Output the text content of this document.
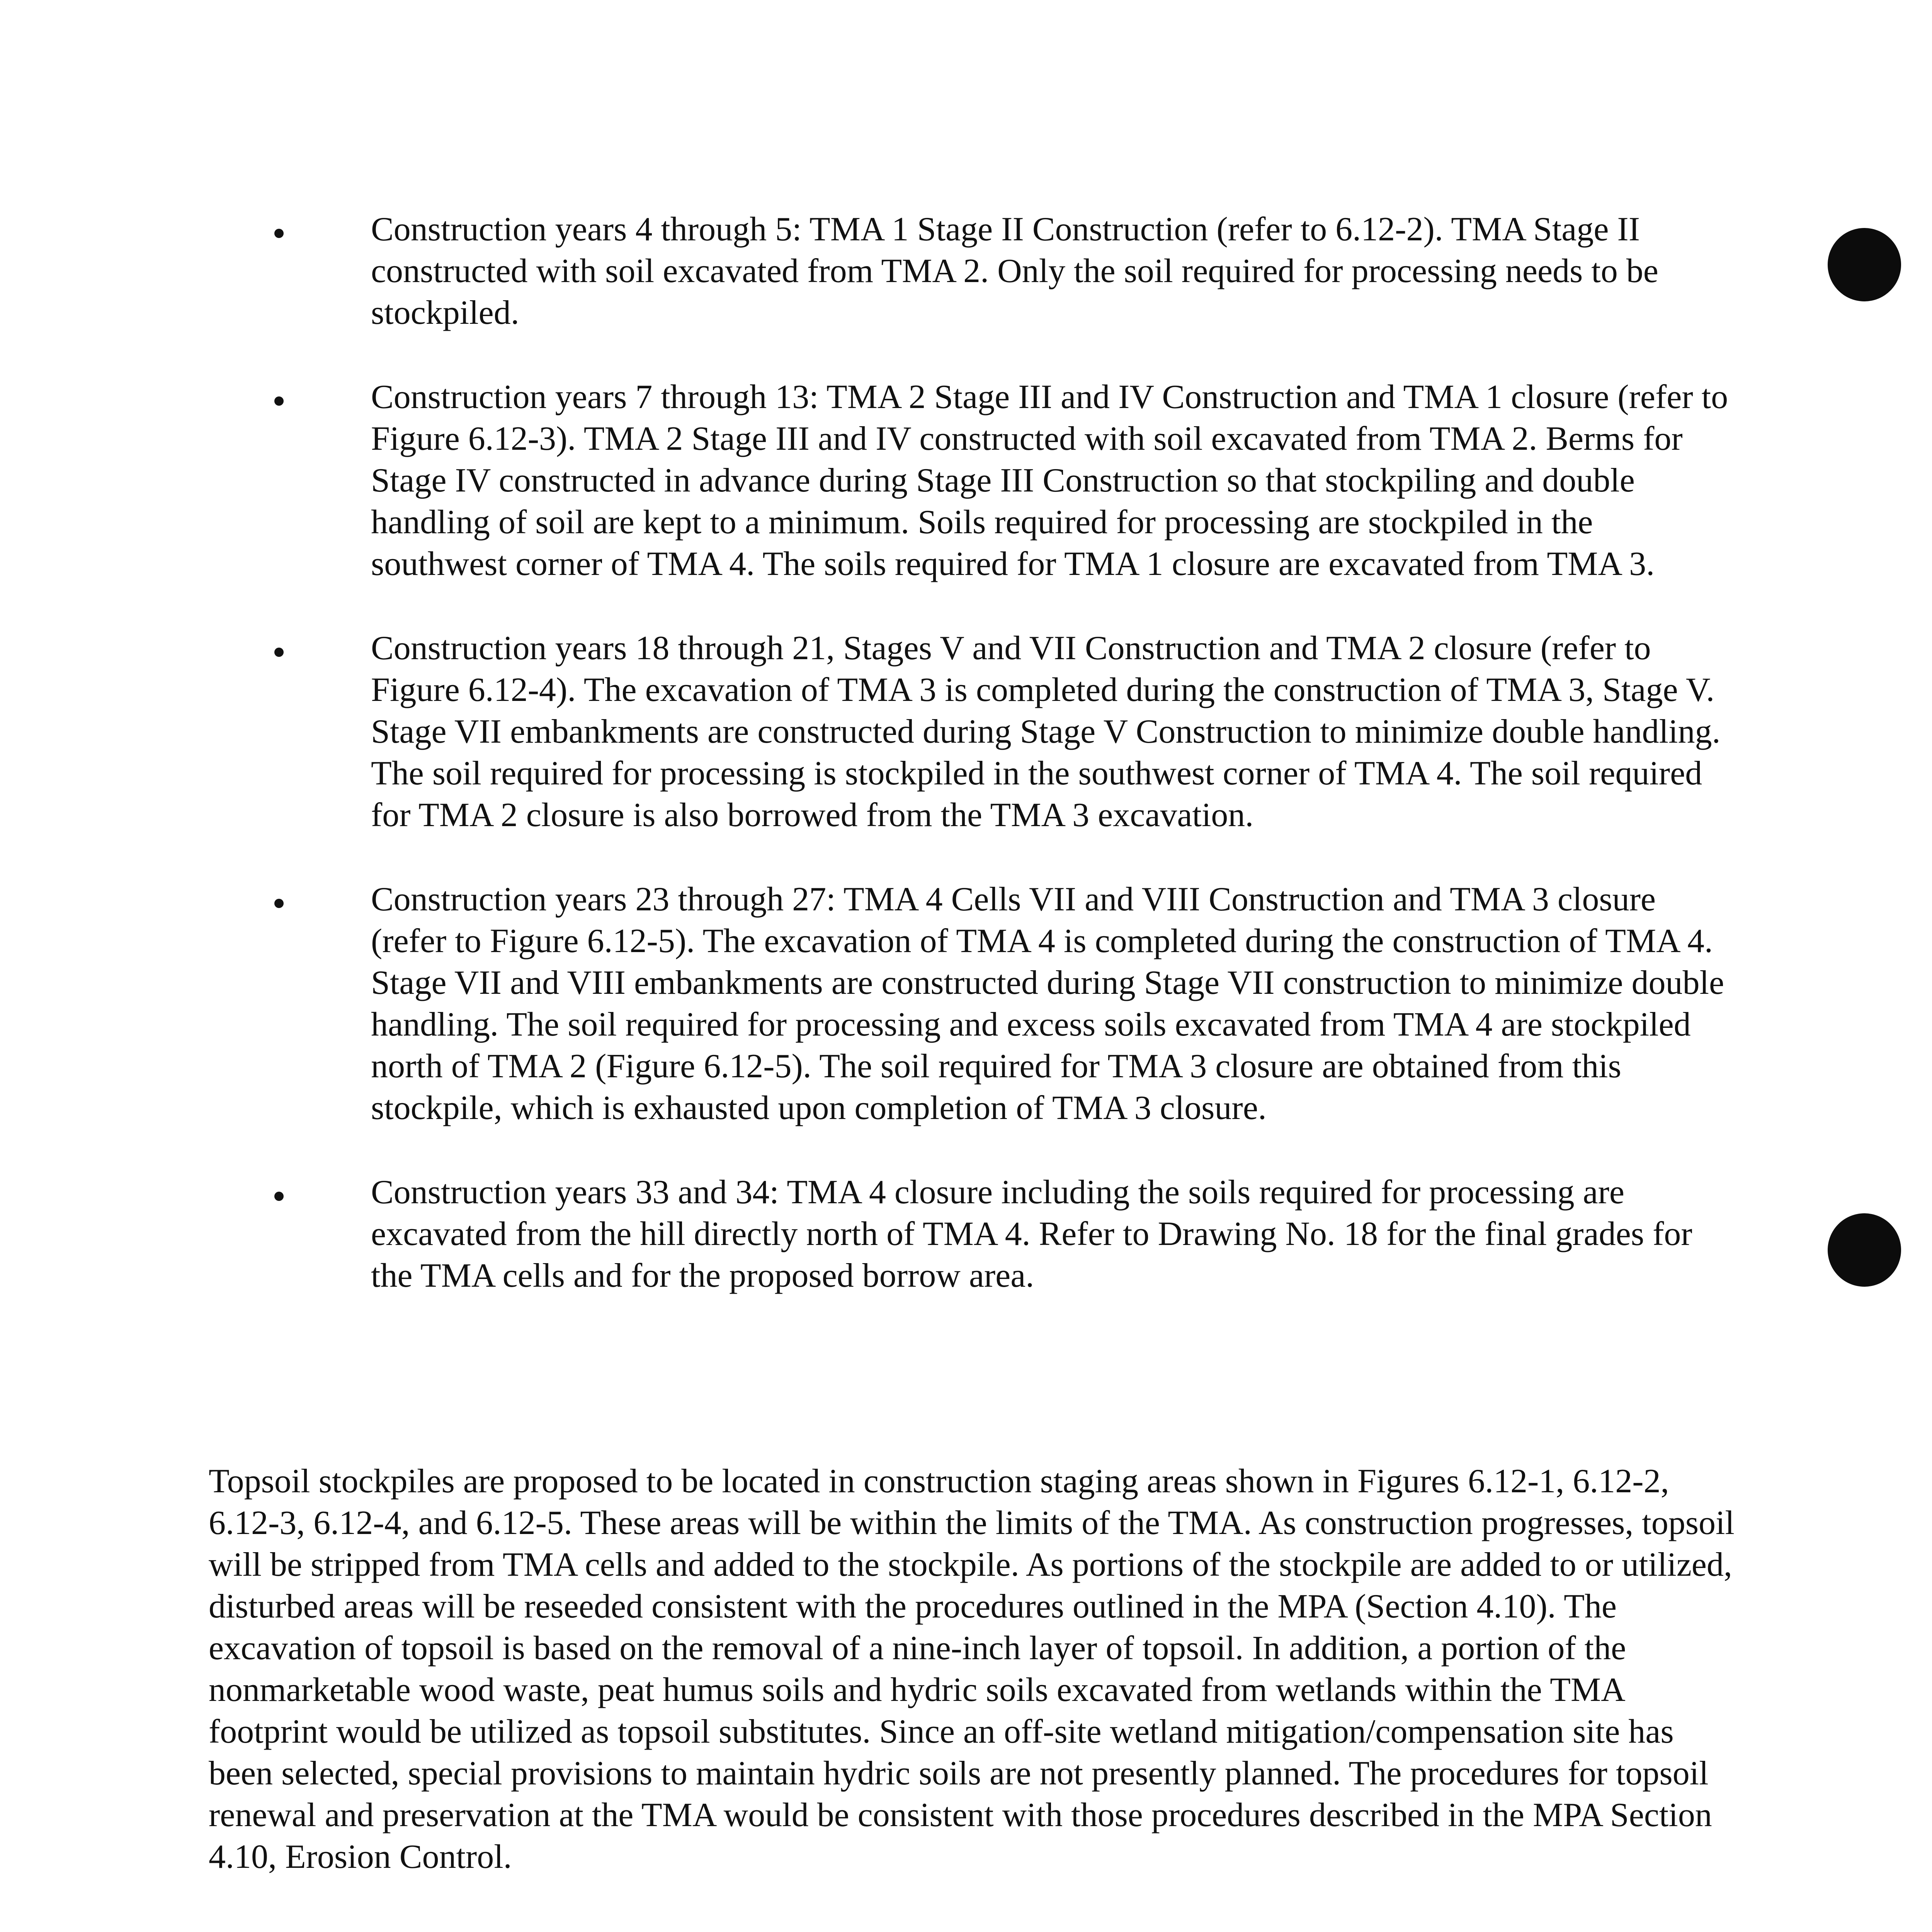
Construction years 4 through 5: TMA 1 Stage II Construction (refer to 6.12-2). TMA Stage II constructed with soil excavated from TMA 2. Only the soil required for processing needs to be stockpiled.
Construction years 7 through 13: TMA 2 Stage III and IV Construction and TMA 1 closure (refer to Figure 6.12-3). TMA 2 Stage III and IV constructed with soil excavated from TMA 2. Berms for Stage IV constructed in advance during Stage III Construction so that stockpiling and double handling of soil are kept to a minimum. Soils required for processing are stockpiled in the southwest corner of TMA 4. The soils required for TMA 1 closure are excavated from TMA 3.
Construction years 18 through 21, Stages V and VII Construction and TMA 2 closure (refer to Figure 6.12-4). The excavation of TMA 3 is completed during the construction of TMA 3, Stage V. Stage VII embankments are constructed during Stage V Construction to minimize double handling. The soil required for processing is stockpiled in the southwest corner of TMA 4. The soil required for TMA 2 closure is also borrowed from the TMA 3 excavation.
Construction years 23 through 27: TMA 4 Cells VII and VIII Construction and TMA 3 closure (refer to Figure 6.12-5). The excavation of TMA 4 is completed during the construction of TMA 4. Stage VII and VIII embankments are constructed during Stage VII construction to minimize double handling. The soil required for processing and excess soils excavated from TMA 4 are stockpiled north of TMA 2 (Figure 6.12-5). The soil required for TMA 3 closure are obtained from this stockpile, which is exhausted upon completion of TMA 3 closure.
Construction years 33 and 34: TMA 4 closure including the soils required for processing are excavated from the hill directly north of TMA 4. Refer to Drawing No. 18 for the final grades for the TMA cells and for the proposed borrow area.
Topsoil stockpiles are proposed to be located in construction staging areas shown in Figures 6.12-1, 6.12-2, 6.12-3, 6.12-4, and 6.12-5. These areas will be within the limits of the TMA. As construction progresses, topsoil will be stripped from TMA cells and added to the stockpile. As portions of the stockpile are added to or utilized, disturbed areas will be reseeded consistent with the procedures outlined in the MPA (Section 4.10). The excavation of topsoil is based on the removal of a nine-inch layer of topsoil. In addition, a portion of the nonmarketable wood waste, peat humus soils and hydric soils excavated from wetlands within the TMA footprint would be utilized as topsoil substitutes. Since an off-site wetland mitigation/compensation site has been selected, special provisions to maintain hydric soils are not presently planned. The procedures for topsoil renewal and preservation at the TMA would be consistent with those procedures described in the MPA Section 4.10, Erosion Control.
